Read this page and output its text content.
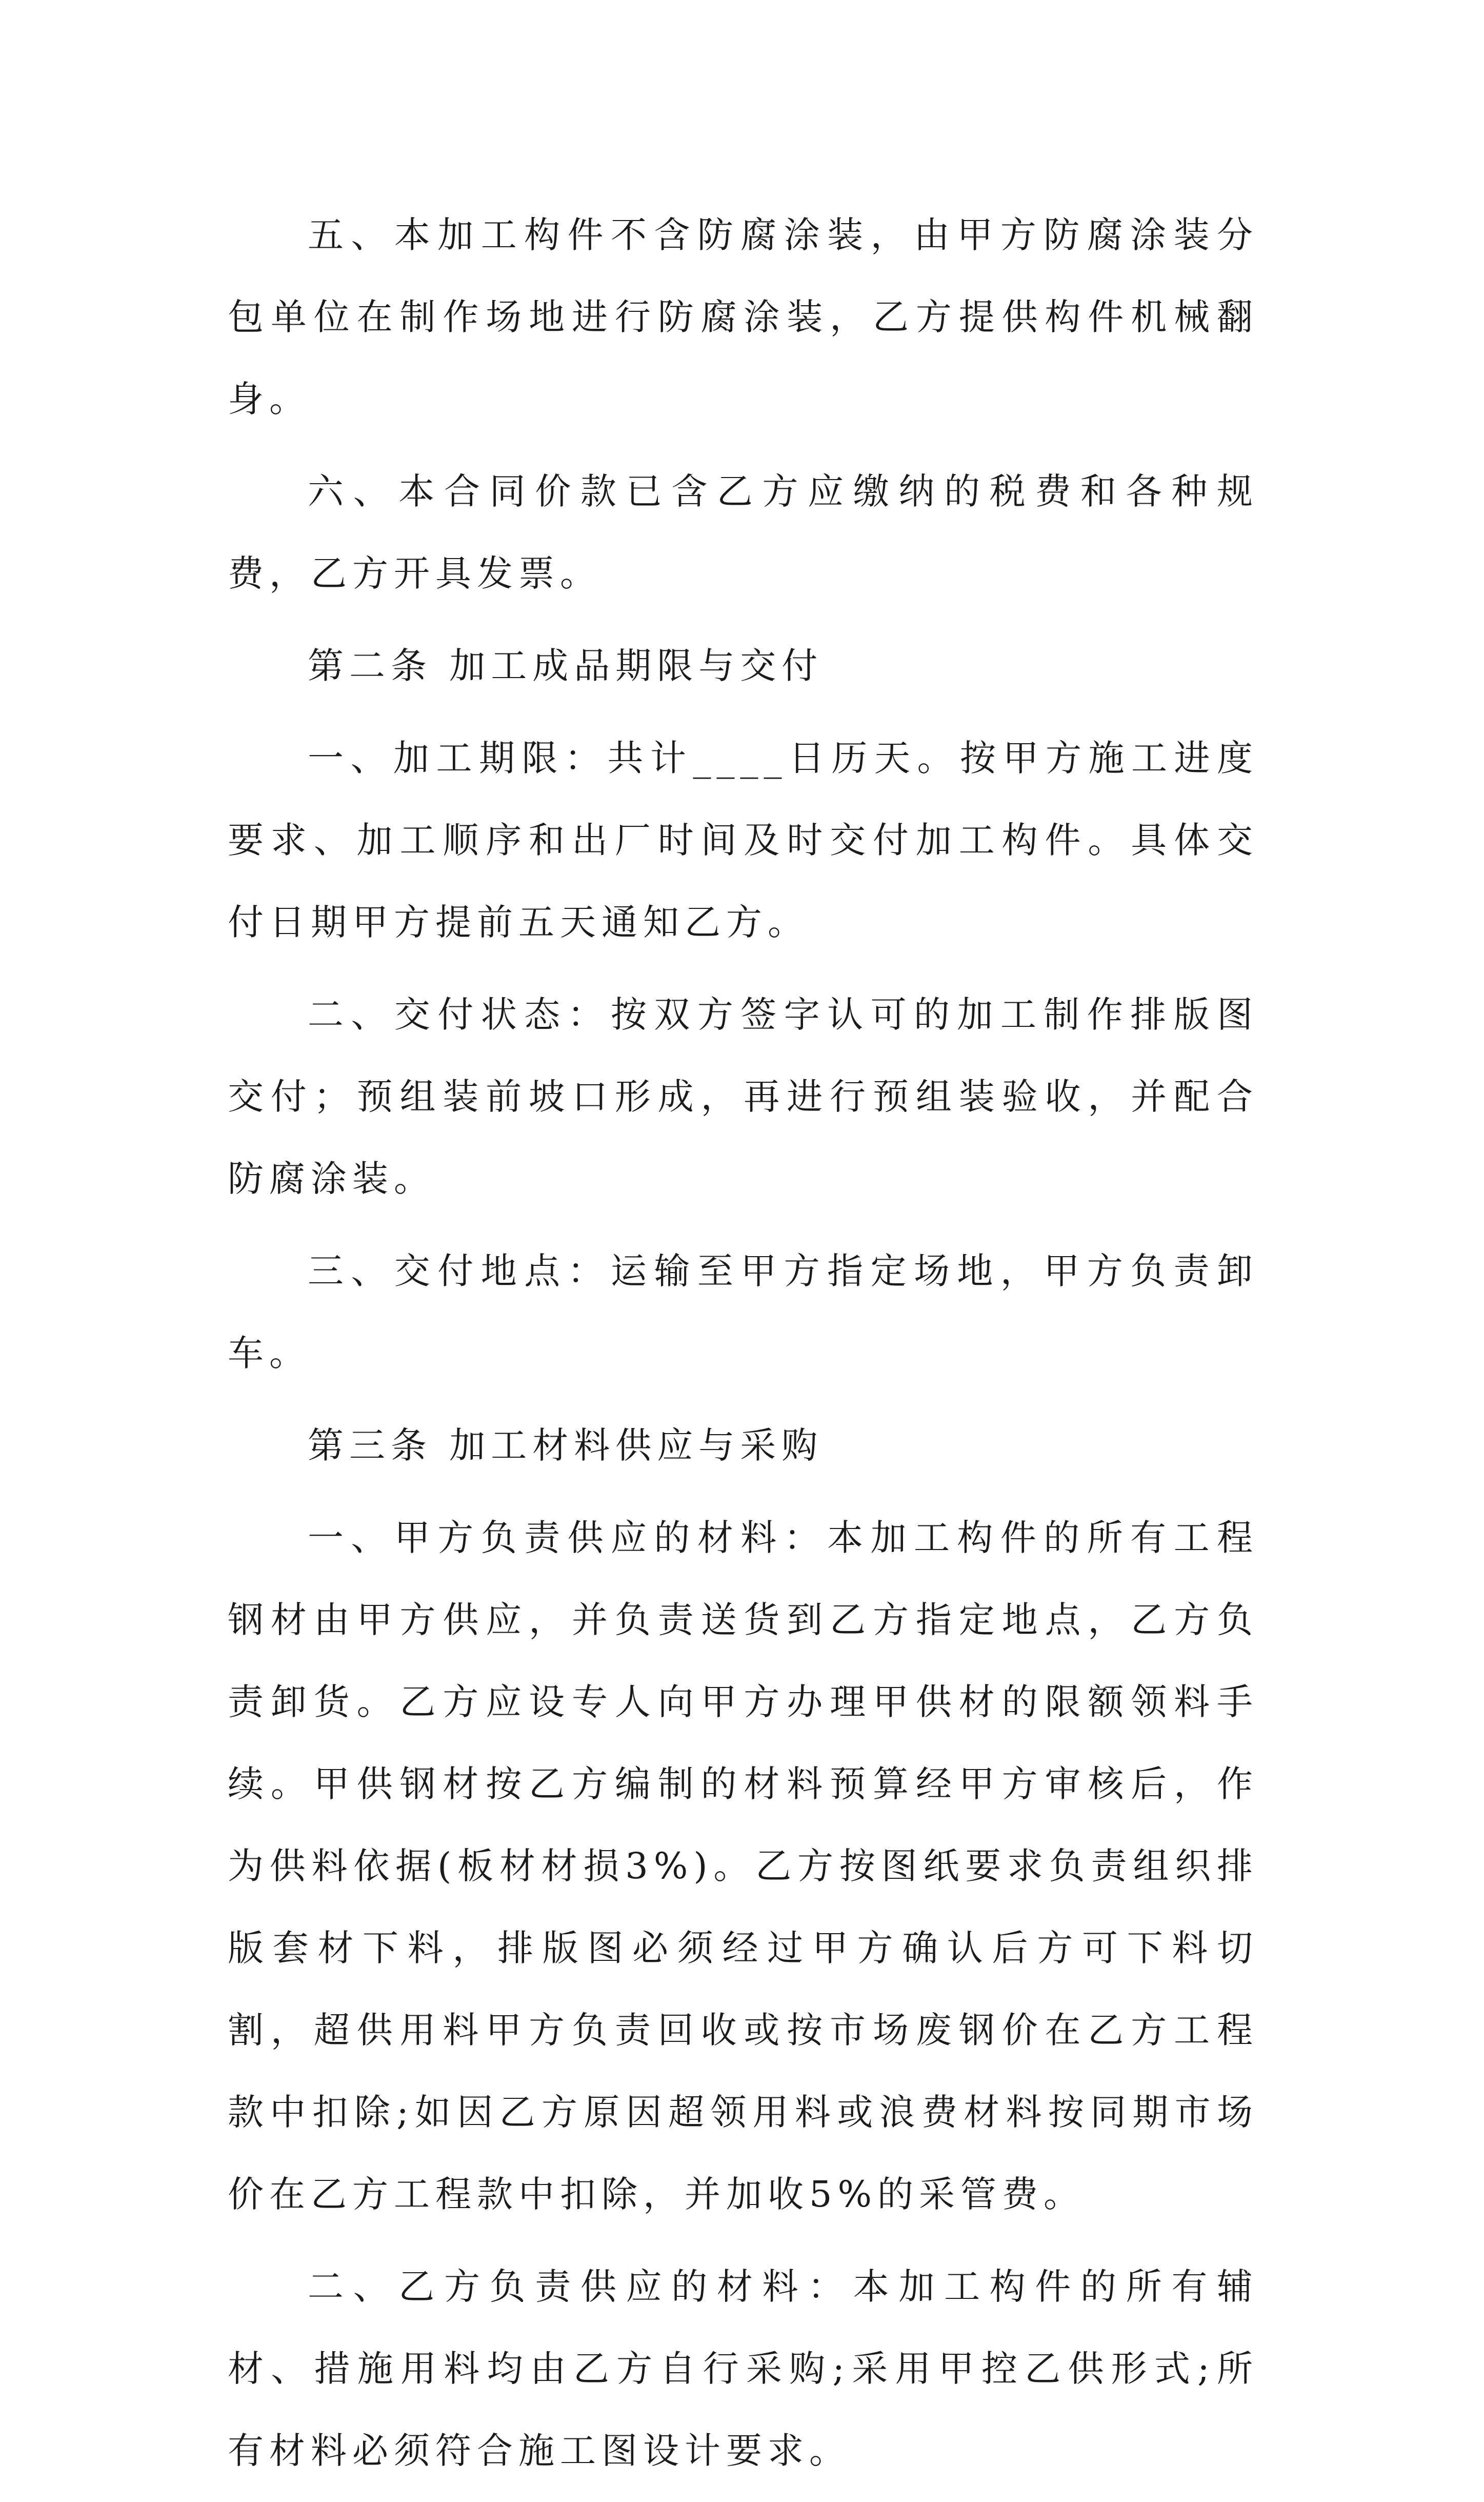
五、本加工构件不含防腐涂装，由甲方防腐涂装分包单位在制作场地进行防腐涂装，乙方提供构件机械翻身。

六、本合同价款已含乙方应缴纳的税费和各种规费，乙方开具发票。

第二条 加工成品期限与交付

一、加工期限：共计____日历天。按甲方施工进度要求、加工顺序和出厂时间及时交付加工构件。具体交付日期甲方提前五天通知乙方。

二、交付状态：按双方签字认可的加工制作排版图交付；预组装前坡口形成，再进行预组装验收，并配合防腐涂装。

三、交付地点：运输至甲方指定场地，甲方负责卸车。

第三条 加工材料供应与采购

一、甲方负责供应的材料：本加工构件的所有工程钢材由甲方供应，并负责送货到乙方指定地点，乙方负责卸货。乙方应设专人向甲方办理甲供材的限额领料手续。甲供钢材按乙方编制的材料预算经甲方审核后，作为供料依据(板材材损3%)。乙方按图纸要求负责组织排版套材下料，排版图必须经过甲方确认后方可下料切割，超供用料甲方负责回收或按市场废钢价在乙方工程款中扣除;如因乙方原因超领用料或浪费材料按同期市场价在乙方工程款中扣除，并加收5%的采管费。

二、乙方负责供应的材料：本加工构件的所有辅材、措施用料均由乙方自行采购;采用甲控乙供形式;所有材料必须符合施工图设计要求。
